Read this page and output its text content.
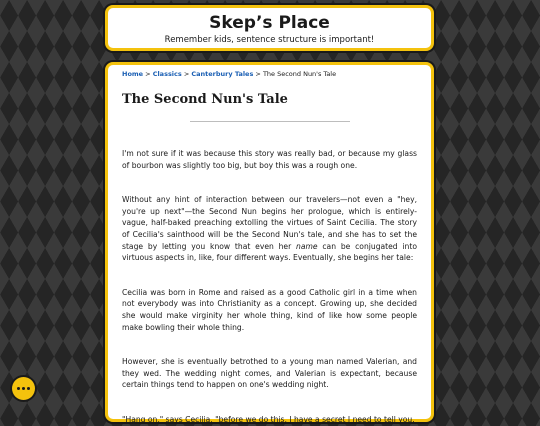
Skep’s Place
Remember kids, sentence structure is important!
Home > Classics > Canterbury Tales > The Second Nun's Tale
The Second Nun's Tale

I'm not sure if it was because this story was really bad, or because my glass of bourbon was slightly too big, but boy this was a rough one.

Without any hint of interaction between our travelers—not even a "hey, you're up next"—the Second Nun begins her prologue, which is entirely-vague, half-baked preaching extolling the virtues of Saint Cecilia. The story of Cecilia's sainthood will be the Second Nun's tale, and she has to set the stage by letting you know that even her name can be conjugated into virtuous aspects in, like, four different ways. Eventually, she begins her tale:

Cecilia was born in Rome and raised as a good Catholic girl in a time when not everybody was into Christianity as a concept. Growing up, she decided she would make virginity her whole thing, kind of like how some people make bowling their whole thing.

However, she is eventually betrothed to a young man named Valerian, and they wed. The wedding night comes, and Valerian is expectant, because certain things tend to happen on one's wedding night.

"Hang on," says Cecilia, "before we do this, I have a secret I need to tell you.
